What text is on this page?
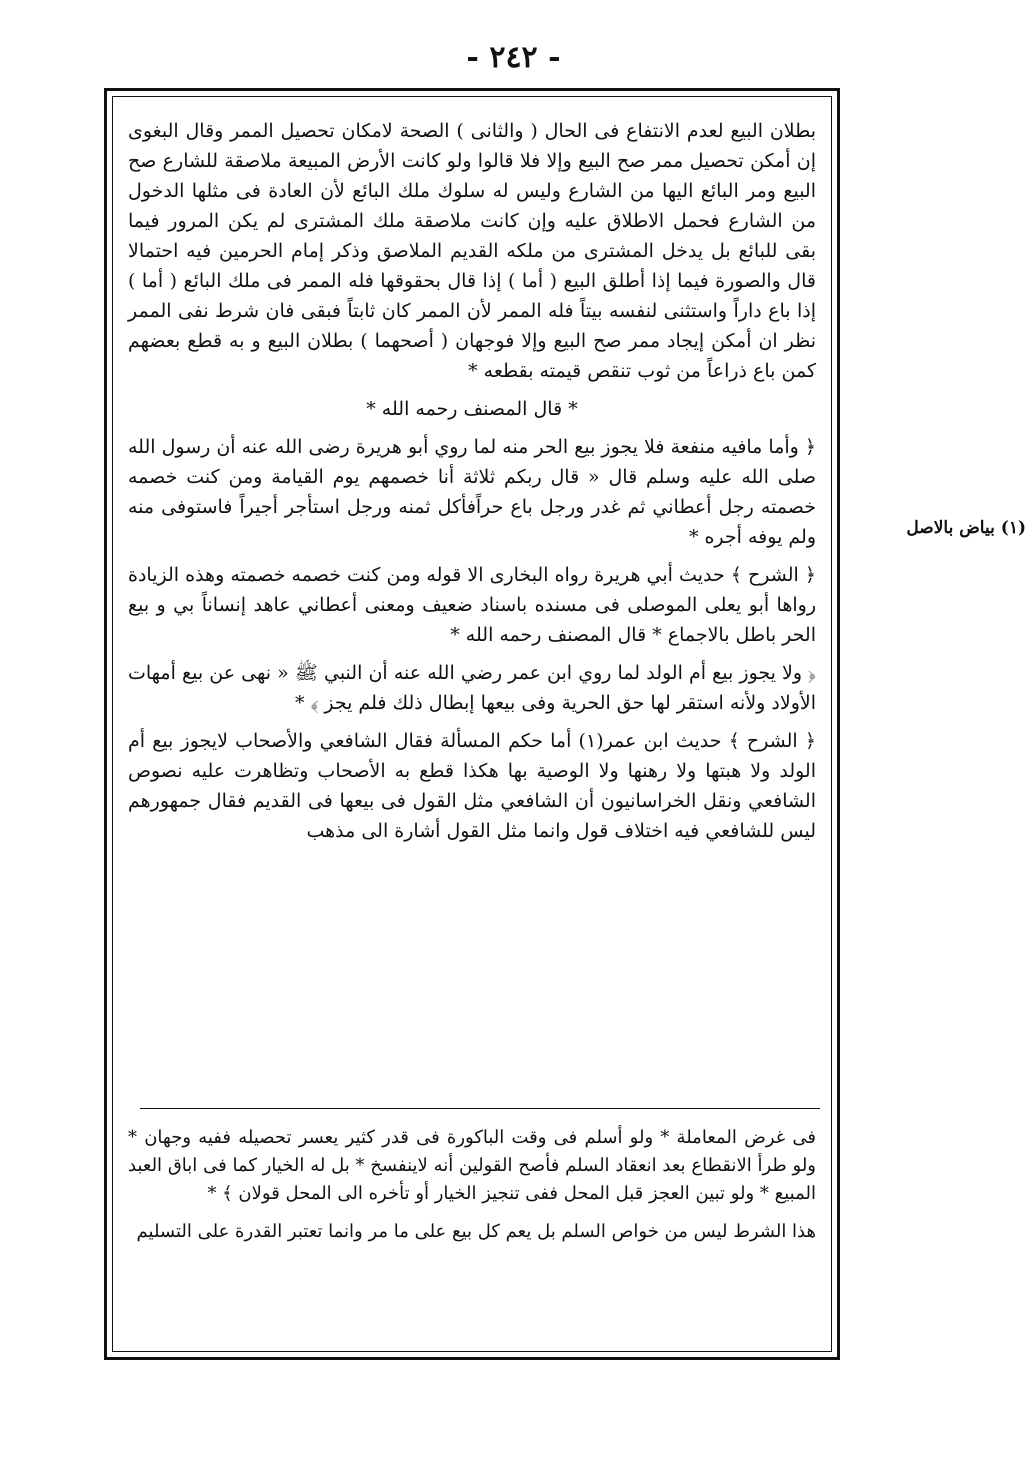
- ٢٤٢ -

بطلان البيع لعدم الانتفاع فى الحال ( والثانى ) الصحة لامكان تحصيل الممر وقال البغوى إن أمكن تحصيل ممر صح البيع وإلا فلا قالوا ولو كانت الأرض المبيعة ملاصقة للشارع صح البيع ومر البائع اليها من الشارع وليس له سلوك ملك البائع لأن العادة فى مثلها الدخول من الشارع فحمل الاطلاق عليه وإن كانت ملاصقة ملك المشترى لم يكن المرور فيما بقى للبائع بل يدخل المشترى من ملكه القديم الملاصق وذكر إمام الحرمين فيه احتمالا قال والصورة فيما إذا أطلق البيع ( أما ) إذا قال بحقوقها فله الممر فى ملك البائع ( أما ) إذا باع داراً واستثنى لنفسه بيتاً فله الممر لأن الممر كان ثابتاً فبقى فان شرط نفى الممر نظر ان أمكن إيجاد ممر صح البيع وإلا فوجهان ( أصحهما ) بطلان البيع و به قطع بعضهم كمن باع ذراعاً من ثوب تنقص قيمته بقطعه *

* قال المصنف رحمه الله *

﴿ وأما مافيه منفعة فلا يجوز بيع الحر منه لما روي أبو هريرة رضى الله عنه أن رسول الله صلى الله عليه وسلم قال « قال ربكم ثلاثة أنا خصمهم يوم القيامة ومن كنت خصمه خصمته رجل أعطاني ثم غدر ورجل باع حراًفأكل ثمنه ورجل استأجر أجيراً فاستوفى منه ولم يوفه أجره *

﴿ الشرح ﴾ حديث أبي هريرة رواه البخارى الا قوله ومن كنت خصمه خصمته وهذه الزيادة رواها أبو يعلى الموصلى فى مسنده باسناد ضعيف ومعنى أعطاني عاهد إنساناً بي و بيع الحر باطل بالاجماع * قال المصنف رحمه الله *

﴿ ولا يجوز بيع أم الولد لما روي ابن عمر رضي الله عنه أن النبي ﷺ « نهى عن بيع أمهات الأولاد ولأنه استقر لها حق الحرية وفى بيعها إبطال ذلك فلم يجز ﴾ *

﴿ الشرح ﴾ حديث ابن عمر(١) أما حكم المسألة فقال الشافعي والأصحاب لايجوز بيع أم الولد ولا هبتها ولا رهنها ولا الوصية بها هكذا قطع به الأصحاب وتظاهرت عليه نصوص الشافعي ونقل الخراسانيون أن الشافعي مثل القول فى بيعها فى القديم فقال جمهورهم ليس للشافعي فيه اختلاف قول وانما مثل القول أشارة الى مذهب

(١) بياض بالاصل

فى غرض المعاملة * ولو أسلم فى وقت الباكورة فى قدر كثير يعسر تحصيله ففيه وجهان * ولو طرأ الانقطاع بعد انعقاد السلم فأصح القولين أنه لاينفسخ * بل له الخيار كما فى اباق العبد المبيع * ولو تبين العجز قبل المحل ففى تنجيز الخيار أو تأخره الى المحل قولان ﴾ *

هذا الشرط ليس من خواص السلم بل يعم كل بيع على ما مر وانما تعتبر القدرة على التسليم
